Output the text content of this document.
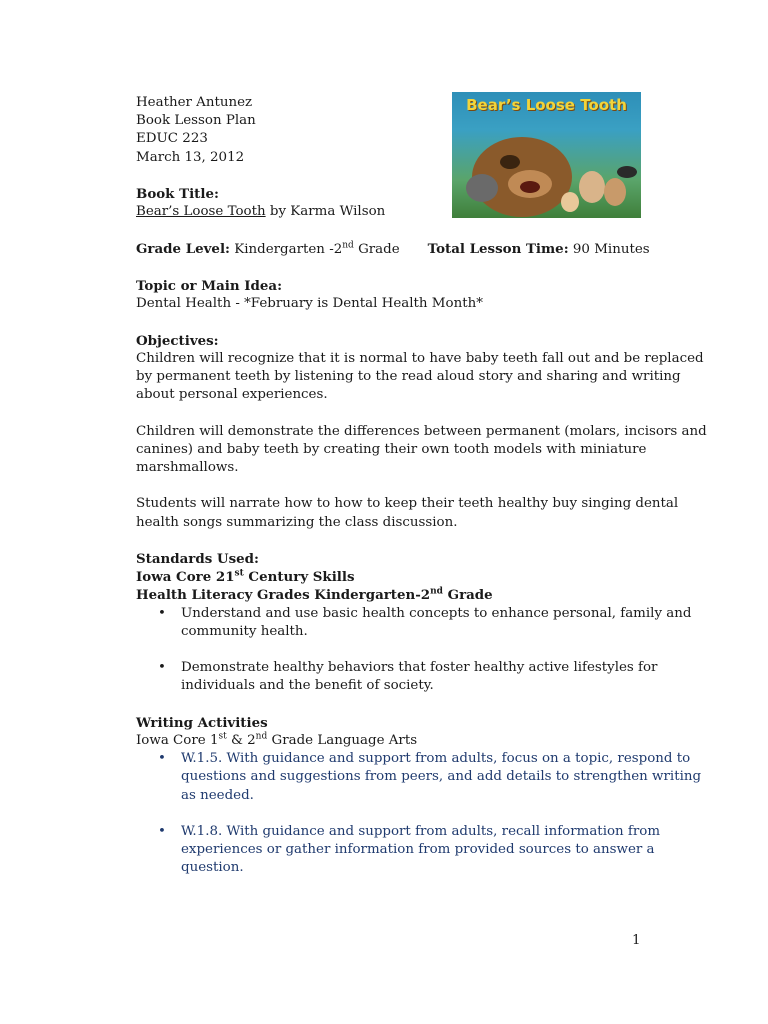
Bear’s Loose Tooth
Heather Antunez
Book Lesson Plan
EDUC 223
March 13, 2012
Book Title:
Bear’s Loose Tooth by Karma Wilson
Grade Level: Kindergarten -2nd Grade Total Lesson Time: 90 Minutes
Topic or Main Idea:
Dental Health - *February is Dental Health Month*
Objectives:
Children will recognize that it is normal to have baby teeth fall out and be replaced
by permanent teeth by listening to the read aloud story and sharing and writing
about personal experiences.
Children will demonstrate the differences between permanent (molars, incisors and
canines) and baby teeth by creating their own tooth models with miniature
marshmallows.
Students will narrate how to how to keep their teeth healthy buy singing dental
health songs summarizing the class discussion.
Standards Used:
Iowa Core 21st Century Skills
Health Literacy Grades Kindergarten-2nd Grade
• Understand and use basic health concepts to enhance personal, family and
community health.
• Demonstrate healthy behaviors that foster healthy active lifestyles for
individuals and the benefit of society.
Writing Activities
Iowa Core 1st & 2nd Grade Language Arts
• W.1.5. With guidance and support from adults, focus on a topic, respond to
questions and suggestions from peers, and add details to strengthen writing
as needed.
• W.1.8. With guidance and support from adults, recall information from
experiences or gather information from provided sources to answer a
question.
1
